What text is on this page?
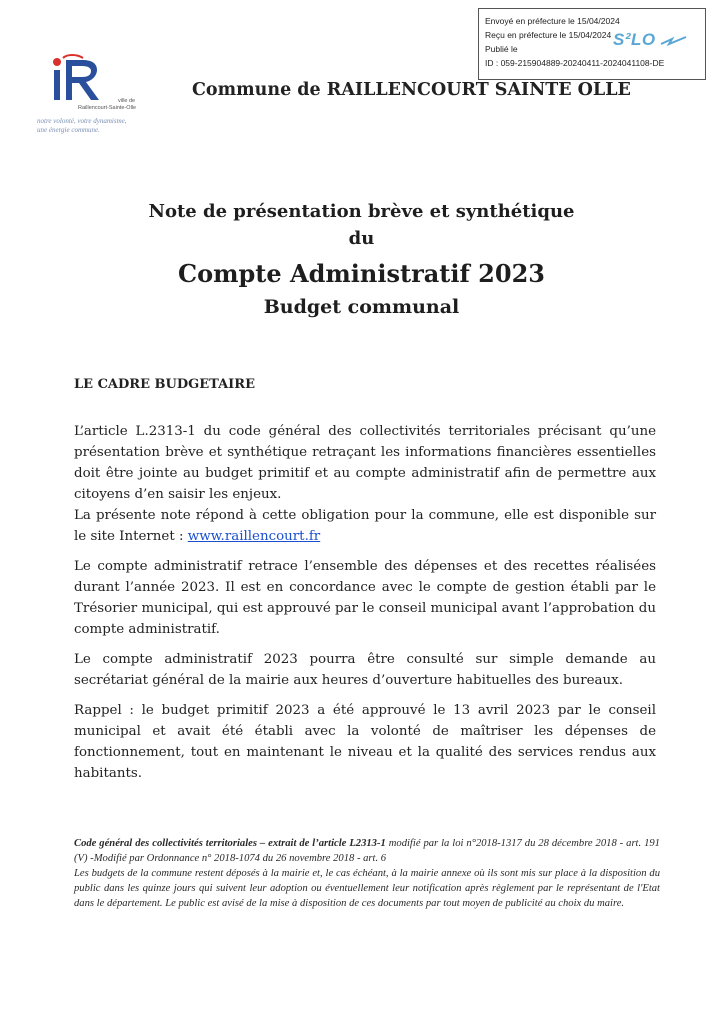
Envoyé en préfecture le 15/04/2024
Reçu en préfecture le 15/04/2024
Publié le
ID : 059-215904889-20240411-2024041108-DE
S²LO
ville de
Raillencourt-Sainte-Olle
notre volonté, votre dynamisme,
une énergie commune.
Commune de RAILLENCOURT SAINTE OLLE
Note de présentation brève et synthétique
du
Compte Administratif 2023
Budget communal
LE CADRE BUDGETAIRE

L’article L.2313-1 du code général des collectivités territoriales précisant qu’une présentation brève et synthétique retraçant les informations financières essentielles doit être jointe au budget primitif et au compte administratif afin de permettre aux citoyens d’en saisir les enjeux.

La présente note répond à cette obligation pour la commune, elle est disponible sur le site Internet : www.raillencourt.fr

Le compte administratif retrace l’ensemble des dépenses et des recettes réalisées durant l’année 2023. Il est en concordance avec le compte de gestion établi par le Trésorier municipal, qui est approuvé par le conseil municipal avant l’approbation du compte administratif.

Le compte administratif 2023 pourra être consulté sur simple demande au secrétariat général de la mairie aux heures d’ouverture habituelles des bureaux.

Rappel : le budget primitif 2023 a été approuvé le 13 avril 2023 par le conseil municipal et avait été établi avec la volonté de maîtriser les dépenses de fonctionnement, tout en maintenant le niveau et la qualité des services rendus aux habitants.

Code général des collectivités territoriales – extrait de l’article L2313-1 modifié par la loi n°2018-1317 du 28 décembre 2018 - art. 191 (V) -Modifié par Ordonnance n° 2018-1074 du 26 novembre 2018 - art. 6

Les budgets de la commune restent déposés à la mairie et, le cas échéant, à la mairie annexe où ils sont mis sur place à la disposition du public dans les quinze jours qui suivent leur adoption ou éventuellement leur notification après règlement par le représentant de l'Etat dans le département. Le public est avisé de la mise à disposition de ces documents par tout moyen de publicité au choix du maire.
